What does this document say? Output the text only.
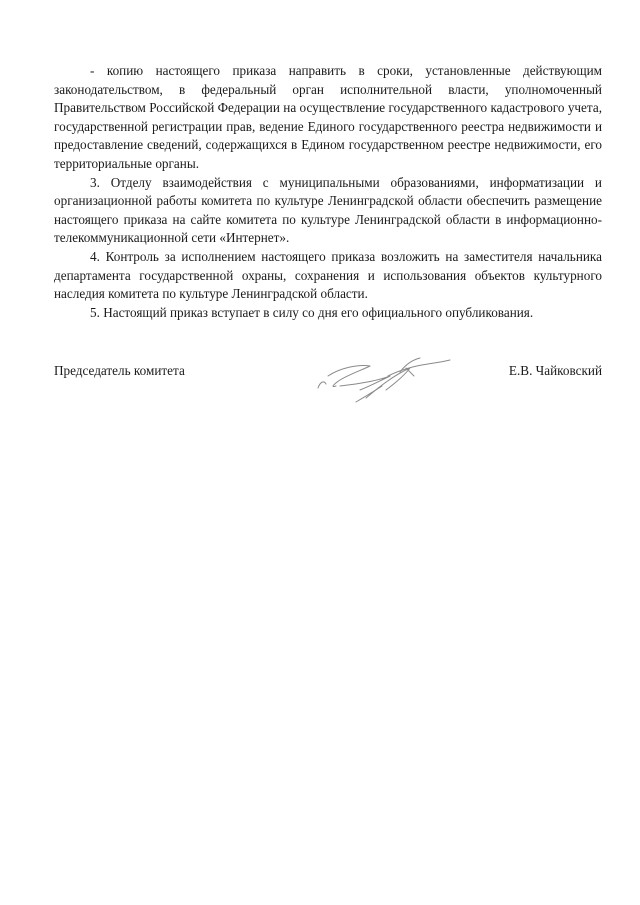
- копию настоящего приказа направить в сроки, установленные действующим законодательством, в федеральный орган исполнительной власти, уполномоченный Правительством Российской Федерации на осуществление государственного кадастрового учета, государственной регистрации прав, ведение Единого государственного реестра недвижимости и предоставление сведений, содержащихся в Едином государственном реестре недвижимости, его территориальные органы.

3. Отделу взаимодействия с муниципальными образованиями, информатизации и организационной работы комитета по культуре Ленинградской области обеспечить размещение настоящего приказа на сайте комитета по культуре Ленинградской области в информационно-телекоммуникационной сети «Интернет».

4. Контроль за исполнением настоящего приказа возложить на заместителя начальника департамента государственной охраны, сохранения и использования объектов культурного наследия комитета по культуре Ленинградской области.

5. Настоящий приказ вступает в силу со дня его официального опубликования.

Председатель комитета	Е.В. Чайковский
